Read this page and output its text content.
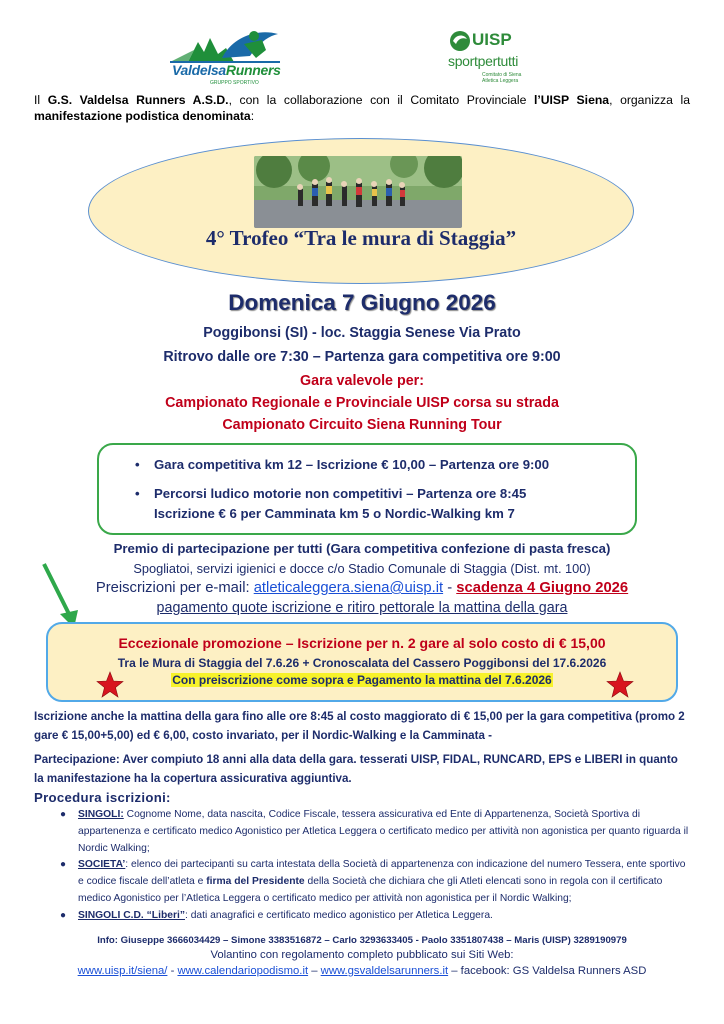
ValdelsaRunners
GRUPPO SPORTIVO
UISP
sportpertutti
Comitato di Siena
Atletica Leggera
Il G.S. Valdelsa Runners A.S.D., con la collaborazione con il Comitato Provinciale l’UISP Siena, organizza la manifestazione podistica denominata:
4° Trofeo “Tra le mura di Staggia”
Domenica 7 Giugno 2026
Poggibonsi (SI) - loc. Staggia Senese Via Prato
Ritrovo dalle ore 7:30 – Partenza gara competitiva ore 9:00
Gara valevole per:
Campionato Regionale e Provinciale UISP corsa su strada
Campionato Circuito Siena Running Tour
• Gara competitiva km 12 – Iscrizione € 10,00 – Partenza ore 9:00
• Percorsi ludico motorie non competitivi – Partenza ore 8:45
Iscrizione € 6 per Camminata km 5 o Nordic-Walking km 7
Premio di partecipazione per tutti (Gara competitiva confezione di pasta fresca)
Spogliatoi, servizi igienici e docce c/o Stadio Comunale di Staggia (Dist. mt. 100)
Preiscrizioni per e-mail: atleticaleggera.siena@uisp.it - scadenza 4 Giugno 2026
pagamento quote iscrizione e ritiro pettorale la mattina della gara
Eccezionale promozione – Iscrizione per n. 2 gare al solo costo di € 15,00
Tra le Mura di Staggia del 7.6.26 + Cronoscalata del Cassero Poggibonsi del 17.6.2026
Con preiscrizione come sopra e Pagamento la mattina del 7.6.2026
Iscrizione anche la mattina della gara fino alle ore 8:45 al costo maggiorato di € 15,00 per la gara competitiva (promo 2 gare € 15,00+5,00) ed € 6,00, costo invariato, per il Nordic-Walking e la Camminata -
Partecipazione: Aver compiuto 18 anni alla data della gara. tesserati UISP, FIDAL, RUNCARD, EPS e LIBERI in quanto la manifestazione ha la copertura assicurativa aggiuntiva.
Procedura iscrizioni:
● SINGOLI: Cognome Nome, data nascita, Codice Fiscale, tessera assicurativa ed Ente di Appartenenza, Società Sportiva di appartenenza e certificato medico Agonistico per Atletica Leggera o certificato medico per attività non agonistica per quanto riguarda il Nordic Walking;
● SOCIETA’: elenco dei partecipanti su carta intestata della Società di appartenenza con indicazione del numero Tessera, ente sportivo e codice fiscale dell’atleta e firma del Presidente della Società che dichiara che gli Atleti elencati sono in regola con il certificato medico Agonistico per l’Atletica Leggera o certificato medico per attività non agonistica per il Nordic Walking;
● SINGOLI C.D. “Liberi”: dati anagrafici e certificato medico agonistico per Atletica Leggera.
Info: Giuseppe 3666034429 – Simone 3383516872 – Carlo 3293633405 - Paolo 3351807438 – Maris (UISP) 3289190979
Volantino con regolamento completo pubblicato sui Siti Web:
www.uisp.it/siena/ - www.calendariopodismo.it – www.gsvaldelsarunners.it – facebook: GS Valdelsa Runners ASD
